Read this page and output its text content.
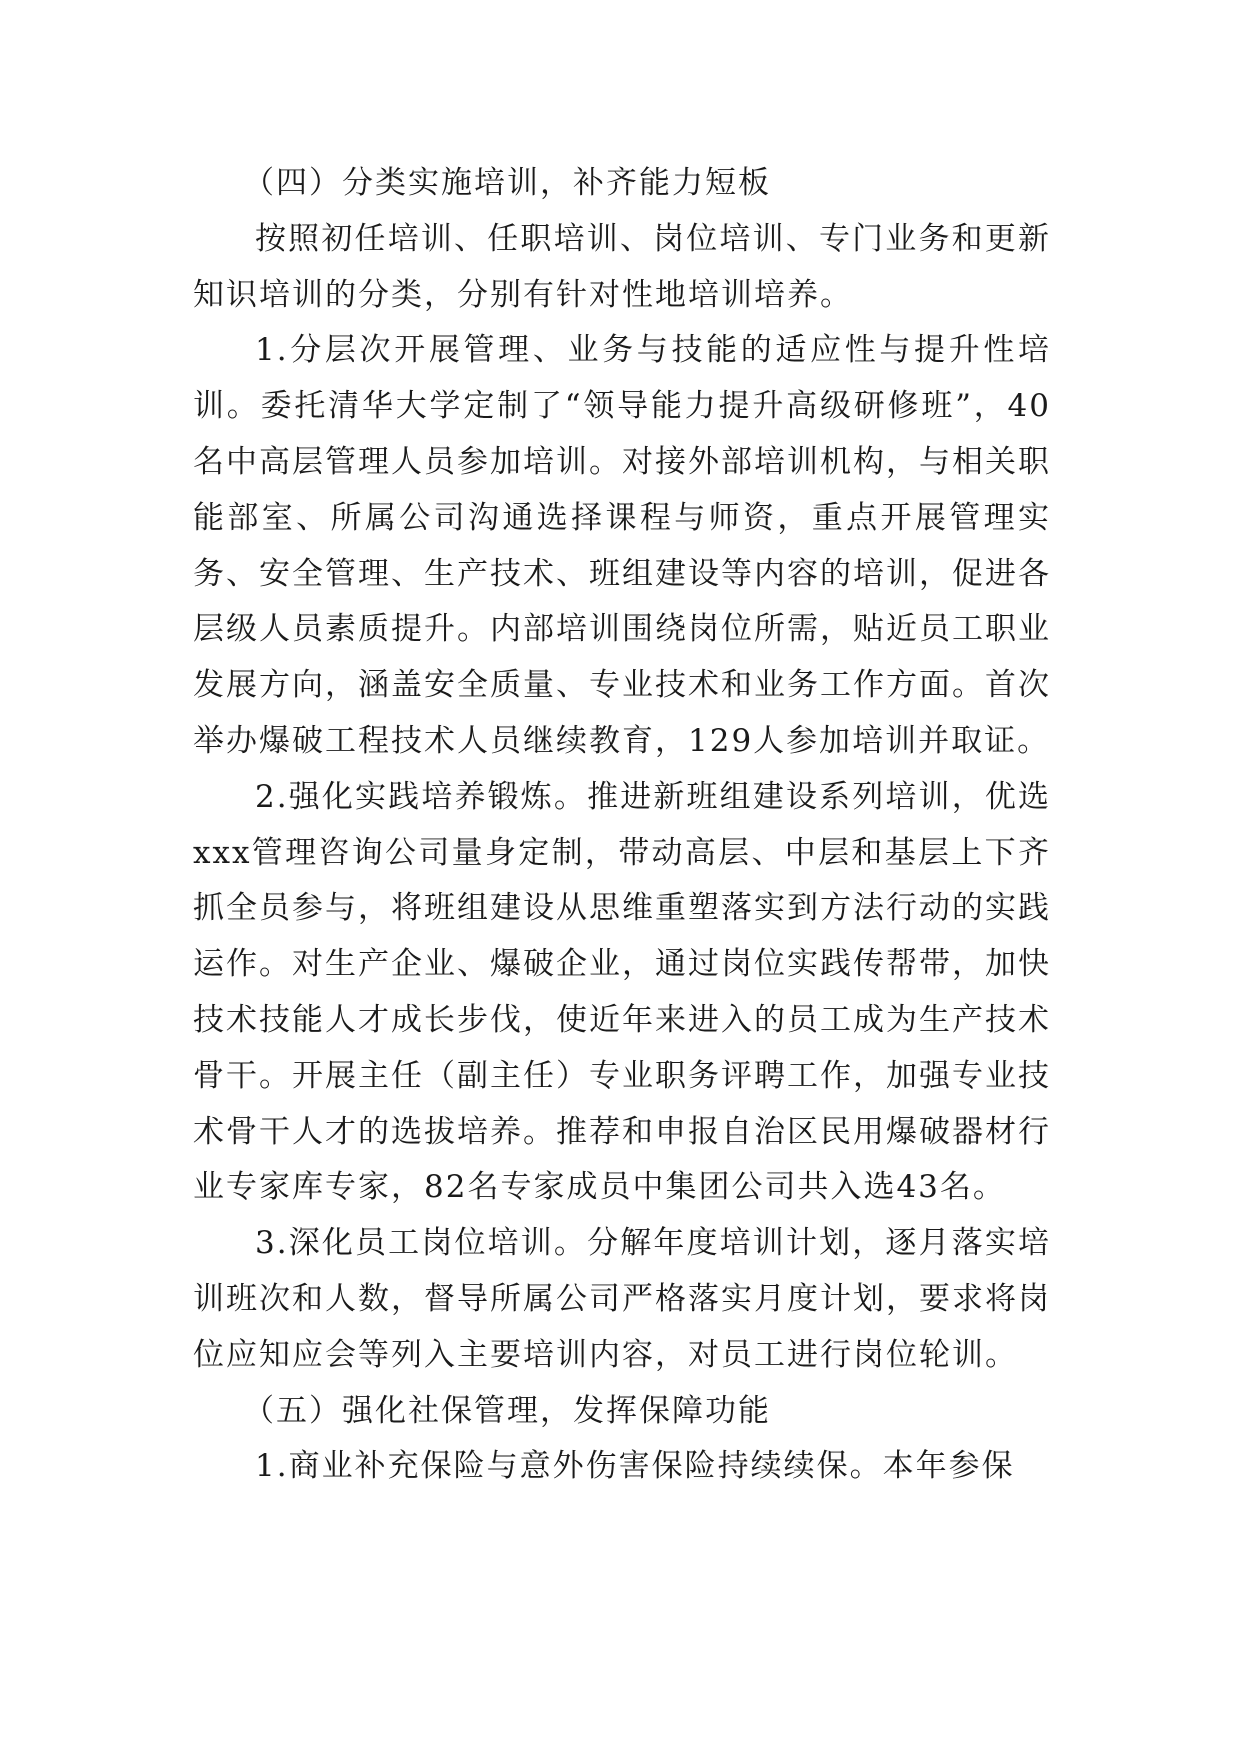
（四）分类实施培训，补齐能力短板

按照初任培训、任职培训、岗位培训、专门业务和更新知识培训的分类，分别有针对性地培训培养。

1.分层次开展管理、业务与技能的适应性与提升性培训。委托清华大学定制了“领导能力提升高级研修班”，40名中高层管理人员参加培训。对接外部培训机构，与相关职能部室、所属公司沟通选择课程与师资，重点开展管理实务、安全管理、生产技术、班组建设等内容的培训，促进各层级人员素质提升。内部培训围绕岗位所需，贴近员工职业发展方向，涵盖安全质量、专业技术和业务工作方面。首次举办爆破工程技术人员继续教育，129人参加培训并取证。

2.强化实践培养锻炼。推进新班组建设系列培训，优选xxx管理咨询公司量身定制，带动高层、中层和基层上下齐抓全员参与，将班组建设从思维重塑落实到方法行动的实践运作。对生产企业、爆破企业，通过岗位实践传帮带，加快技术技能人才成长步伐，使近年来进入的员工成为生产技术骨干。开展主任（副主任）专业职务评聘工作，加强专业技术骨干人才的选拔培养。推荐和申报自治区民用爆破器材行业专家库专家，82名专家成员中集团公司共入选43名。

3.深化员工岗位培训。分解年度培训计划，逐月落实培训班次和人数，督导所属公司严格落实月度计划，要求将岗位应知应会等列入主要培训内容，对员工进行岗位轮训。

（五）强化社保管理，发挥保障功能

1.商业补充保险与意外伤害保险持续续保。本年参保
